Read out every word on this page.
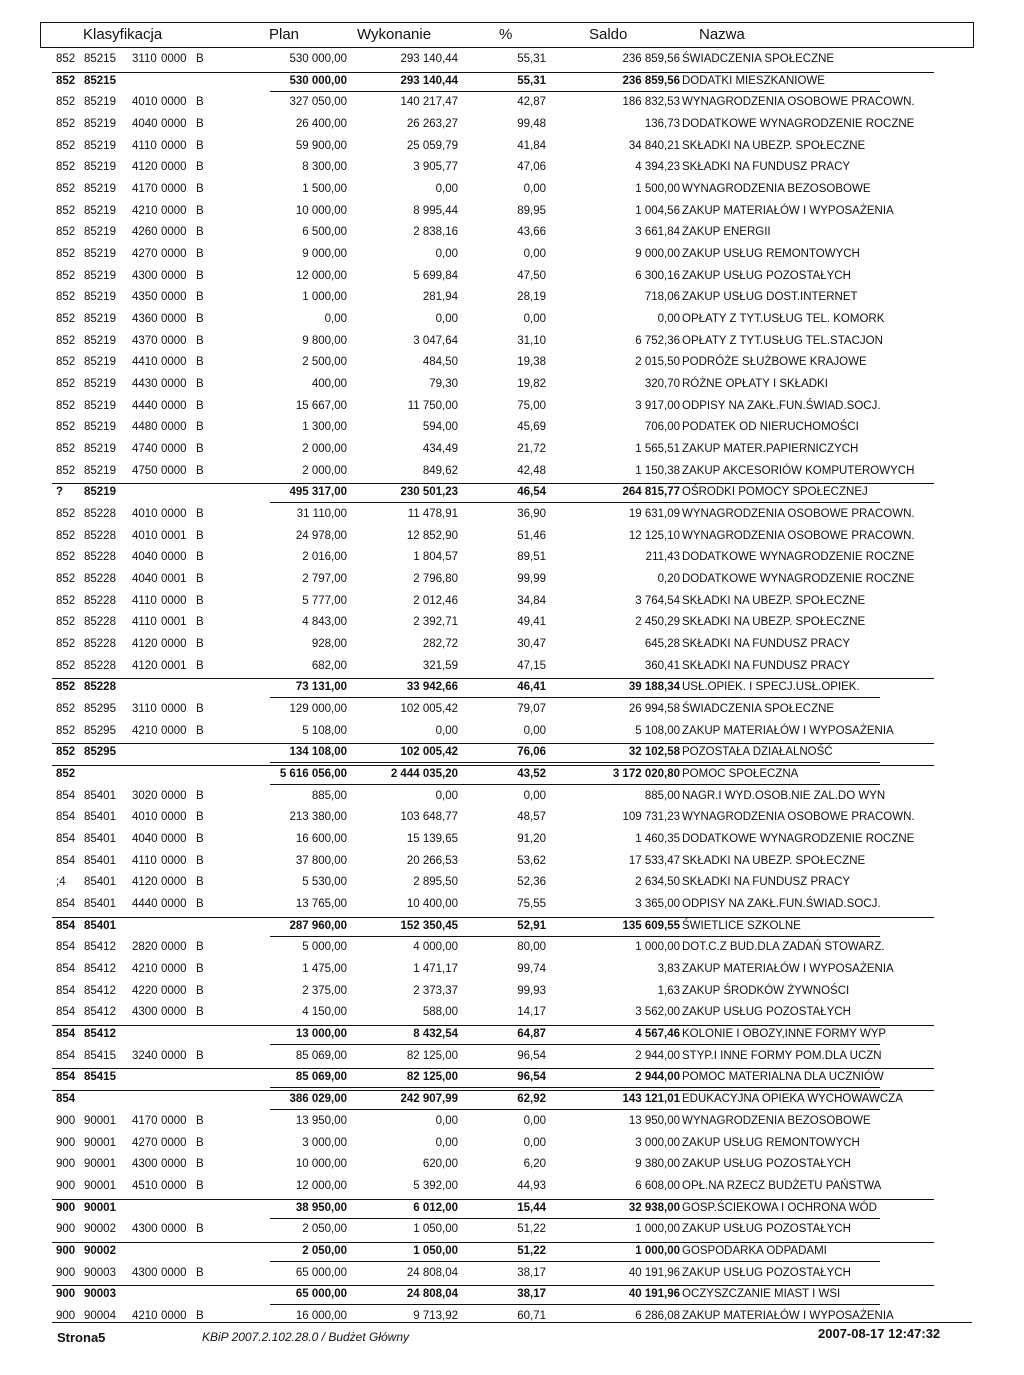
Klasyfikacja	Plan	Wykonanie	%	Saldo	Nazwa
852 85215 3110 0000 B	530 000,00	293 140,44	55,31	236 859,56 ŚWIADCZENIA SPOŁECZNE
852 85215	530 000,00	293 140,44	55,31	236 859,56 DODATKI MIESZKANIOWE
852 85219 4010 0000 B	327 050,00	140 217,47	42,87	186 832,53 WYNAGRODZENIA OSOBOWE PRACOWN.
852 85219 4040 0000 B	26 400,00	26 263,27	99,48	136,73 DODATKOWE WYNAGRODZENIE ROCZNE
852 85219 4110 0000 B	59 900,00	25 059,79	41,84	34 840,21 SKŁADKI NA UBEZP. SPOŁECZNE
852 85219 4120 0000 B	8 300,00	3 905,77	47,06	4 394,23 SKŁADKI NA FUNDUSZ PRACY
852 85219 4170 0000 B	1 500,00	0,00	0,00	1 500,00 WYNAGRODZENIA BEZOSOBOWE
852 85219 4210 0000 B	10 000,00	8 995,44	89,95	1 004,56 ZAKUP MATERIAŁÓW I WYPOSAŻENIA
852 85219 4260 0000 B	6 500,00	2 838,16	43,66	3 661,84 ZAKUP ENERGII
852 85219 4270 0000 B	9 000,00	0,00	0,00	9 000,00 ZAKUP USŁUG REMONTOWYCH
852 85219 4300 0000 B	12 000,00	5 699,84	47,50	6 300,16 ZAKUP USŁUG POZOSTAŁYCH
852 85219 4350 0000 B	1 000,00	281,94	28,19	718,06 ZAKUP USŁUG DOST.INTERNET
852 85219 4360 0000 B	0,00	0,00	0,00	0,00 OPŁATY Z TYT.USŁUG TEL. KOMORK
852 85219 4370 0000 B	9 800,00	3 047,64	31,10	6 752,36 OPŁATY Z TYT.USŁUG TEL.STACJON
852 85219 4410 0000 B	2 500,00	484,50	19,38	2 015,50 PODRÓŻE SŁUŻBOWE KRAJOWE
852 85219 4430 0000 B	400,00	79,30	19,82	320,70 RÓŻNE OPŁATY I SKŁADKI
852 85219 4440 0000 B	15 667,00	11 750,00	75,00	3 917,00 ODPISY NA ZAKŁ.FUN.ŚWIAD.SOCJ.
852 85219 4480 0000 B	1 300,00	594,00	45,69	706,00 PODATEK OD NIERUCHOMOŚCI
852 85219 4740 0000 B	2 000,00	434,49	21,72	1 565,51 ZAKUP MATER.PAPIERNICZYCH
852 85219 4750 0000 B	2 000,00	849,62	42,48	1 150,38 ZAKUP AKCESORIÓW KOMPUTEROWYCH
? 85219	495 317,00	230 501,23	46,54	264 815,77 OŚRODKI POMOCY SPOŁECZNEJ
852 85228 4010 0000 B	31 110,00	11 478,91	36,90	19 631,09 WYNAGRODZENIA OSOBOWE PRACOWN.
852 85228 4010 0001 B	24 978,00	12 852,90	51,46	12 125,10 WYNAGRODZENIA OSOBOWE PRACOWN.
852 85228 4040 0000 B	2 016,00	1 804,57	89,51	211,43 DODATKOWE WYNAGRODZENIE ROCZNE
852 85228 4040 0001 B	2 797,00	2 796,80	99,99	0,20 DODATKOWE WYNAGRODZENIE ROCZNE
852 85228 4110 0000 B	5 777,00	2 012,46	34,84	3 764,54 SKŁADKI NA UBEZP. SPOŁECZNE
852 85228 4110 0001 B	4 843,00	2 392,71	49,41	2 450,29 SKŁADKI NA UBEZP. SPOŁECZNE
852 85228 4120 0000 B	928,00	282,72	30,47	645,28 SKŁADKI NA FUNDUSZ PRACY
852 85228 4120 0001 B	682,00	321,59	47,15	360,41 SKŁADKI NA FUNDUSZ PRACY
852 85228	73 131,00	33 942,66	46,41	39 188,34 USŁ.OPIEK. I SPECJ.USŁ.OPIEK.
852 85295 3110 0000 B	129 000,00	102 005,42	79,07	26 994,58 ŚWIADCZENIA SPOŁECZNE
852 85295 4210 0000 B	5 108,00	0,00	0,00	5 108,00 ZAKUP MATERIAŁÓW I WYPOSAŻENIA
852 85295	134 108,00	102 005,42	76,06	32 102,58 POZOSTAŁA DZIAŁALNOŚĆ
852	5 616 056,00	2 444 035,20	43,52	3 172 020,80 POMOC SPOŁECZNA
854 85401 3020 0000 B	885,00	0,00	0,00	885,00 NAGR.I WYD.OSOB.NIE ZAL.DO WYN
854 85401 4010 0000 B	213 380,00	103 648,77	48,57	109 731,23 WYNAGRODZENIA OSOBOWE PRACOWN.
854 85401 4040 0000 B	16 600,00	15 139,65	91,20	1 460,35 DODATKOWE WYNAGRODZENIE ROCZNE
854 85401 4110 0000 B	37 800,00	20 266,53	53,62	17 533,47 SKŁADKI NA UBEZP. SPOŁECZNE
;4 85401 4120 0000 B	5 530,00	2 895,50	52,36	2 634,50 SKŁADKI NA FUNDUSZ PRACY
854 85401 4440 0000 B	13 765,00	10 400,00	75,55	3 365,00 ODPISY NA ZAKŁ.FUN.ŚWIAD.SOCJ.
854 85401	287 960,00	152 350,45	52,91	135 609,55 ŚWIETLICE SZKOLNE
854 85412 2820 0000 B	5 000,00	4 000,00	80,00	1 000,00 DOT.C.Z BUD.DLA ZADAŃ STOWARZ.
854 85412 4210 0000 B	1 475,00	1 471,17	99,74	3,83 ZAKUP MATERIAŁÓW I WYPOSAŻENIA
854 85412 4220 0000 B	2 375,00	2 373,37	99,93	1,63 ZAKUP ŚRODKÓW ŻYWNOŚCI
854 85412 4300 0000 B	4 150,00	588,00	14,17	3 562,00 ZAKUP USŁUG POZOSTAŁYCH
854 85412	13 000,00	8 432,54	64,87	4 567,46 KOLONIE I OBOZY,INNE FORMY WYP
854 85415 3240 0000 B	85 069,00	82 125,00	96,54	2 944,00 STYP.I INNE FORMY POM.DLA UCZN
854 85415	85 069,00	82 125,00	96,54	2 944,00 POMOC MATERIALNA DLA UCZNIÓW
854	386 029,00	242 907,99	62,92	143 121,01 EDUKACYJNA OPIEKA WYCHOWAWCZA
900 90001 4170 0000 B	13 950,00	0,00	0,00	13 950,00 WYNAGRODZENIA BEZOSOBOWE
900 90001 4270 0000 B	3 000,00	0,00	0,00	3 000,00 ZAKUP USŁUG REMONTOWYCH
900 90001 4300 0000 B	10 000,00	620,00	6,20	9 380,00 ZAKUP USŁUG POZOSTAŁYCH
900 90001 4510 0000 B	12 000,00	5 392,00	44,93	6 608,00 OPŁ.NA RZECZ BUDŻETU PAŃSTWA
900 90001	38 950,00	6 012,00	15,44	32 938,00 GOSP.ŚCIEKOWA I OCHRONA WÓD
900 90002 4300 0000 B	2 050,00	1 050,00	51,22	1 000,00 ZAKUP USŁUG POZOSTAŁYCH
900 90002	2 050,00	1 050,00	51,22	1 000,00 GOSPODARKA ODPADAMI
900 90003 4300 0000 B	65 000,00	24 808,04	38,17	40 191,96 ZAKUP USŁUG POZOSTAŁYCH
900 90003	65 000,00	24 808,04	38,17	40 191,96 OCZYSZCZANIE MIAST I WSI
900 90004 4210 0000 B	16 000,00	9 713,92	60,71	6 286,08 ZAKUP MATERIAŁÓW I WYPOSAŻENIA
Strona5	KBiP 2007.2.102.28.0 / Budżet Główny	2007-08-17 12:47:32
